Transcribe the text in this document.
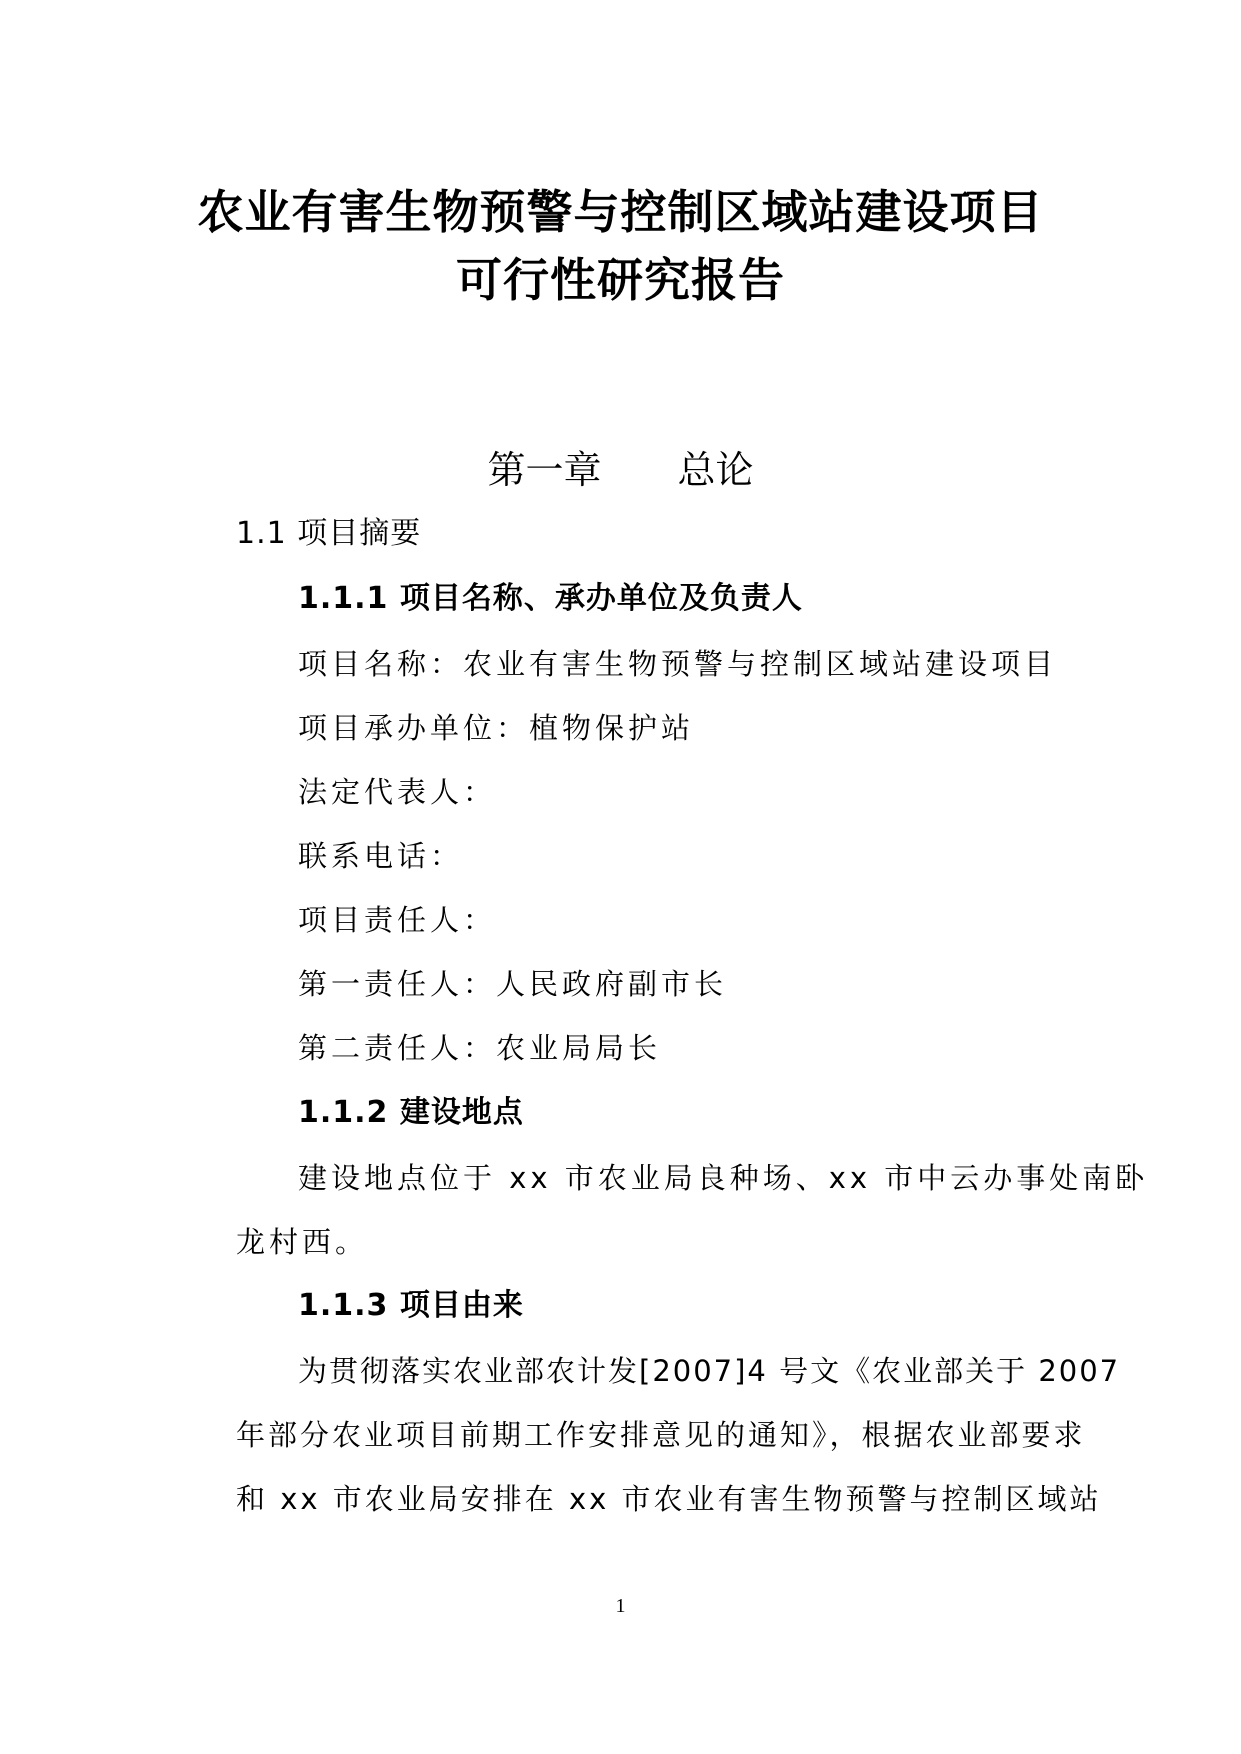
农业有害生物预警与控制区域站建设项目
可行性研究报告
第一章　　总论
1.1 项目摘要
1.1.1 项目名称、承办单位及负责人
项目名称：农业有害生物预警与控制区域站建设项目
项目承办单位：植物保护站
法定代表人：
联系电话：
项目责任人：
第一责任人：人民政府副市长
第二责任人：农业局局长
1.1.2 建设地点
建设地点位于 xx 市农业局良种场、xx 市中云办事处南卧
龙村西。
1.1.3 项目由来
为贯彻落实农业部农计发[2007]4 号文《农业部关于 2007
年部分农业项目前期工作安排意见的通知》，根据农业部要求
和 xx 市农业局安排在 xx 市农业有害生物预警与控制区域站
1
